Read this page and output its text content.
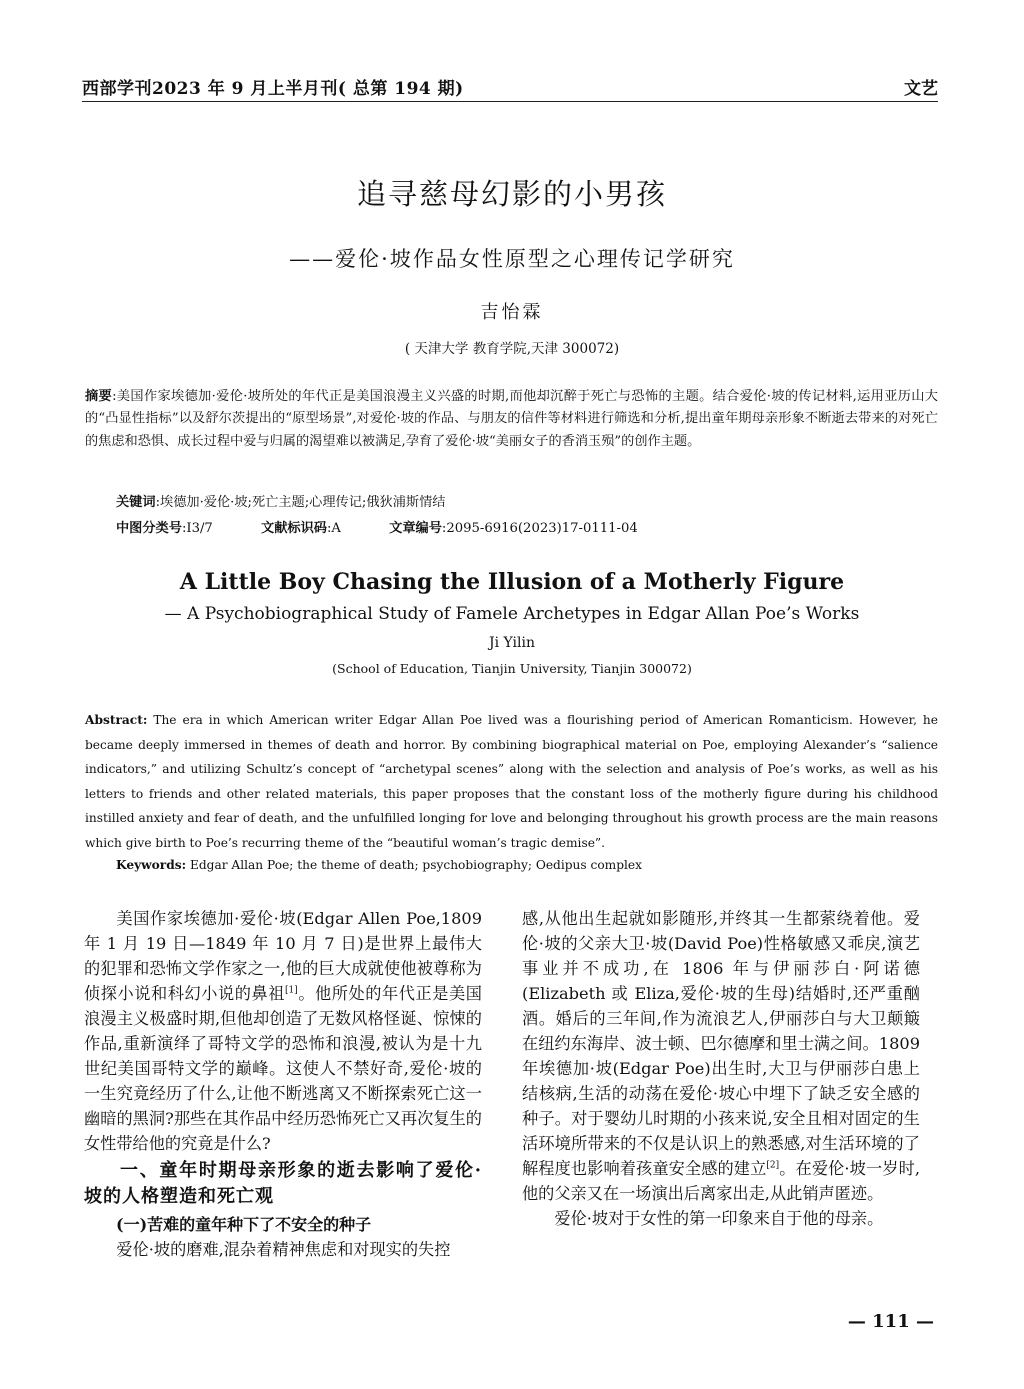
西部学刊2023 年 9 月上半月刊( 总第 194 期)	文艺
追寻慈母幻影的小男孩
——爱伦·坡作品女性原型之心理传记学研究
吉怡霖
( 天津大学 教育学院,天津 300072)
摘要:美国作家埃德加·爱伦·坡所处的年代正是美国浪漫主义兴盛的时期,而他却沉醉于死亡与恐怖的主题。结合爱伦·坡的传记材料,运用亚历山大的“凸显性指标”以及舒尔茨提出的“原型场景”,对爱伦·坡的作品、与朋友的信件等材料进行筛选和分析,提出童年期母亲形象不断逝去带来的对死亡的焦虑和恐惧、成长过程中爱与归属的渴望难以被满足,孕育了爱伦·坡“美丽女子的香消玉殒”的创作主题。
关键词:埃德加·爱伦·坡;死亡主题;心理传记;俄狄浦斯情结
中图分类号:I3/7	文献标识码:A	文章编号:2095-6916(2023)17-0111-04
A Little Boy Chasing the Illusion of a Motherly Figure
— A Psychobiographical Study of Famele Archetypes in Edgar Allan Poe’s Works
Ji Yilin
(School of Education, Tianjin University, Tianjin 300072)
Abstract: The era in which American writer Edgar Allan Poe lived was a flourishing period of American Romanticism. However, he became deeply immersed in themes of death and horror. By combining biographical material on Poe, employing Alexander’s “salience indicators,” and utilizing Schultz’s concept of “archetypal scenes” along with the selection and analysis of Poe’s works, as well as his letters to friends and other related materials, this paper proposes that the constant loss of the motherly figure during his childhood instilled anxiety and fear of death, and the unfulfilled longing for love and belonging throughout his growth process are the main reasons which give birth to Poe’s recurring theme of the “beautiful woman’s tragic demise”.
Keywords: Edgar Allan Poe; the theme of death; psychobiography; Oedipus complex

美国作家埃德加·爱伦·坡(Edgar Allen Poe,1809 年 1 月 19 日—1849 年 10 月 7 日)是世界上最伟大的犯罪和恐怖文学作家之一,他的巨大成就使他被尊称为侦探小说和科幻小说的鼻祖[1]。他所处的年代正是美国浪漫主义极盛时期,但他却创造了无数风格怪诞、惊悚的作品,重新演绎了哥特文学的恐怖和浪漫,被认为是十九世纪美国哥特文学的巅峰。这使人不禁好奇,爱伦·坡的一生究竟经历了什么,让他不断逃离又不断探索死亡这一幽暗的黑洞?那些在其作品中经历恐怖死亡又再次复生的女性带给他的究竟是什么?

一、童年时期母亲形象的逝去影响了爱伦·坡的人格塑造和死亡观
(一)苦难的童年种下了不安全的种子

爱伦·坡的磨难,混杂着精神焦虑和对现实的失控

感,从他出生起就如影随形,并终其一生都萦绕着他。爱伦·坡的父亲大卫·坡(David Poe)性格敏感又乖戾,演艺事业并不成功,在 1806 年与伊丽莎白·阿诺德(Elizabeth 或 Eliza,爱伦·坡的生母)结婚时,还严重酗酒。婚后的三年间,作为流浪艺人,伊丽莎白与大卫颠簸在纽约东海岸、波士顿、巴尔德摩和里士满之间。1809 年埃德加·坡(Edgar Poe)出生时,大卫与伊丽莎白患上结核病,生活的动荡在爱伦·坡心中埋下了缺乏安全感的种子。对于婴幼儿时期的小孩来说,安全且相对固定的生活环境所带来的不仅是认识上的熟悉感,对生活环境的了解程度也影响着孩童安全感的建立[2]。在爱伦·坡一岁时,他的父亲又在一场演出后离家出走,从此销声匿迹。

爱伦·坡对于女性的第一印象来自于他的母亲。

— 111 —
